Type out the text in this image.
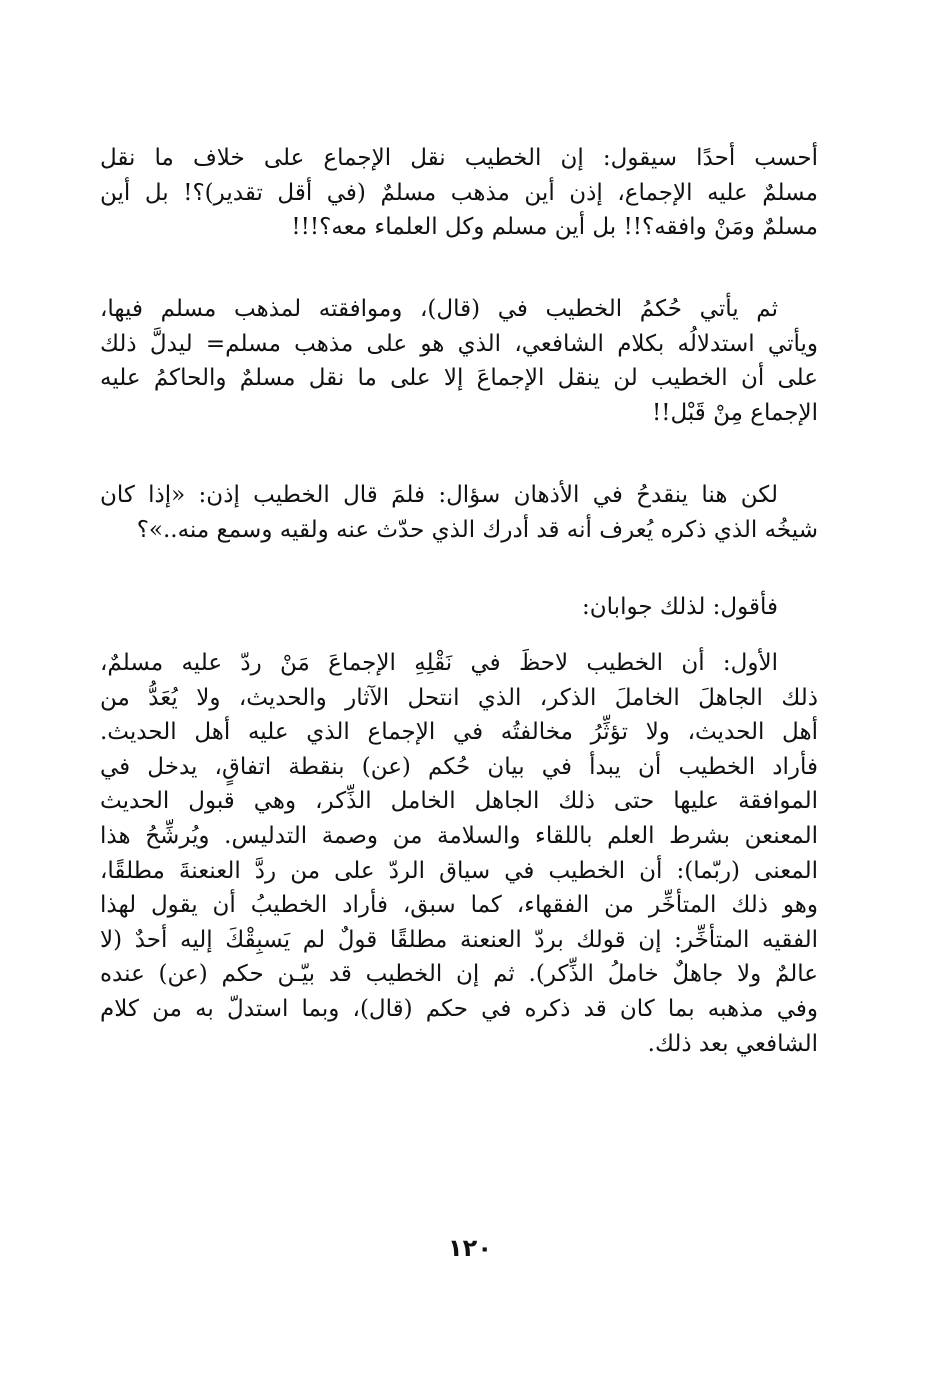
أحسب أحدًا سيقول: إن الخطيب نقل الإجماع على خلاف ما نقل
مسلمٌ عليه الإجماع، إذن أين مذهب مسلمٌ (في أقل تقدير)؟! بل أين
مسلمٌ ومَنْ وافقه؟!! بل أين مسلم وكل العلماء معه؟!!!
ثم يأتي حُكمُ الخطيب في (قال)، وموافقته لمذهب مسلم فيها،
ويأتي استدلالُه بكلام الشافعي، الذي هو على مذهب مسلم= ليدلَّ ذلك
على أن الخطيب لن ينقل الإجماعَ إلا على ما نقل مسلمٌ والحاكمُ عليه
الإجماع مِنْ قَبْل!!
لكن هنا ينقدحُ في الأذهان سؤال: فلمَ قال الخطيب إذن: «إذا كان
شيخُه الذي ذكره يُعرف أنه قد أدرك الذي حدّث عنه ولقيه وسمع منه..»؟
فأقول: لذلك جوابان:
الأول: أن الخطيب لاحظَ في نَقْلِهِ الإجماعَ مَنْ ردّ عليه مسلمٌ،
ذلك الجاهلَ الخاملَ الذكر، الذي انتحل الآثار والحديث، ولا يُعَدُّ من
أهل الحديث، ولا تؤثِّرُ مخالفتُه في الإجماع الذي عليه أهل الحديث.
فأراد الخطيب أن يبدأ في بيان حُكم (عن) بنقطة اتفاقٍ، يدخل في
الموافقة عليها حتى ذلك الجاهل الخامل الذِّكر، وهي قبول الحديث
المعنعن بشرط العلم باللقاء والسلامة من وصمة التدليس. ويُرشِّحُ هذا
المعنى (ربّما): أن الخطيب في سياق الردّ على من ردَّ العنعنةَ مطلقًا،
وهو ذلك المتأخِّر من الفقهاء، كما سبق، فأراد الخطيبُ أن يقول لهذا
الفقيه المتأخِّر: إن قولك بردّ العنعنة مطلقًا قولٌ لم يَسبِقْكَ إليه أحدٌ (لا
عالمٌ ولا جاهلٌ خاملُ الذِّكر). ثم إن الخطيب قد بيّـن حكم (عن) عنده
وفي مذهبه بما كان قد ذكره في حكم (قال)، وبما استدلّ به من كلام
الشافعي بعد ذلك.
١٢٠
